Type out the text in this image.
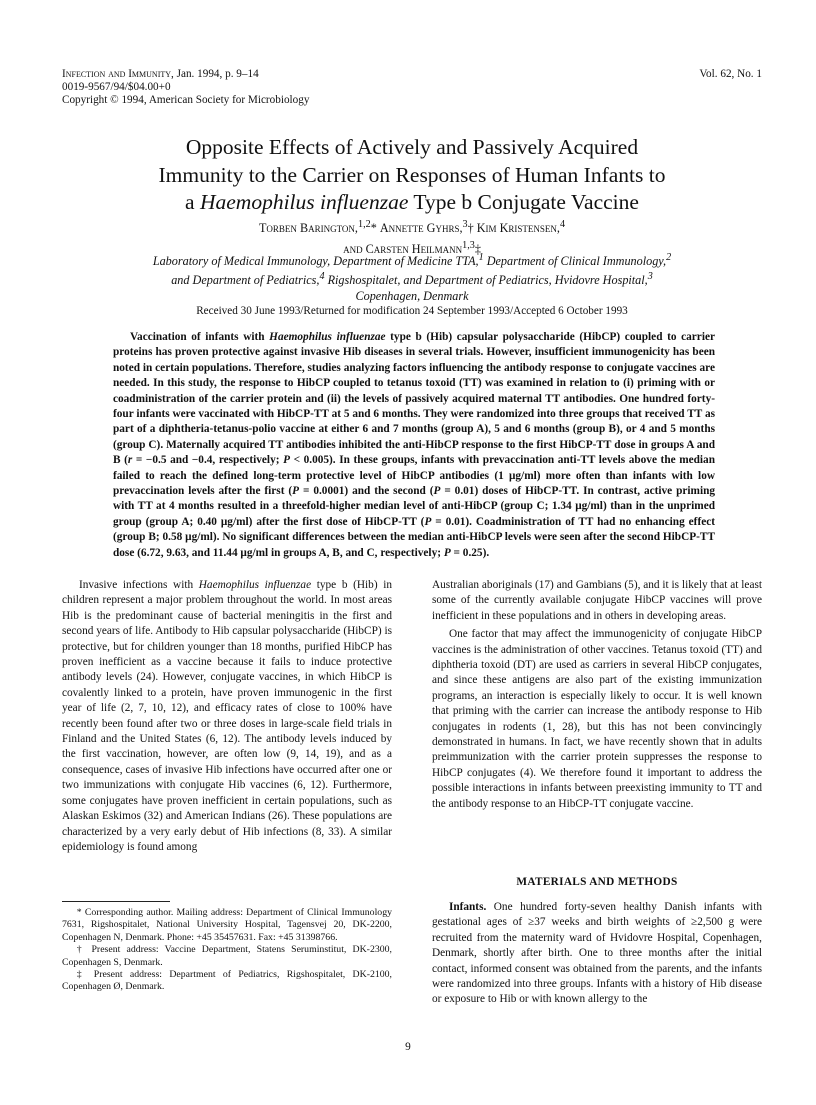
Infection and Immunity, Jan. 1994, p. 9–14	Vol. 62, No. 1
0019-9567/94/$04.00+0
Copyright © 1994, American Society for Microbiology
Opposite Effects of Actively and Passively Acquired
Immunity to the Carrier on Responses of Human Infants to
a Haemophilus influenzae Type b Conjugate Vaccine
Torben Barington,$^{1,2}$* Annette Gyhrs,$^3$† Kim Kristensen,$^4$
and Carsten Heilmann$^{1,3}$‡
Laboratory of Medical Immunology, Department of Medicine TTA,$^1$ Department of Clinical Immunology,$^2$
and Department of Pediatrics,$^4$ Rigshospitalet, and Department of Pediatrics, Hvidovre Hospital,$^3$
Copenhagen, Denmark
Received 30 June 1993/Returned for modification 24 September 1993/Accepted 6 October 1993
Vaccination of infants with Haemophilus influenzae type b (Hib) capsular polysaccharide (HibCP) coupled to carrier proteins has proven protective against invasive Hib diseases in several trials. However, insufficient immunogenicity has been noted in certain populations. Therefore, studies analyzing factors influencing the antibody response to conjugate vaccines are needed. In this study, the response to HibCP coupled to tetanus toxoid (TT) was examined in relation to (i) priming with or coadministration of the carrier protein and (ii) the levels of passively acquired maternal TT antibodies. One hundred forty-four infants were vaccinated with HibCP-TT at 5 and 6 months. They were randomized into three groups that received TT as part of a diphtheria-tetanus-polio vaccine at either 6 and 7 months (group A), 5 and 6 months (group B), or 4 and 5 months (group C). Maternally acquired TT antibodies inhibited the anti-HibCP response to the first HibCP-TT dose in groups A and B (r = −0.5 and −0.4, respectively; P < 0.005). In these groups, infants with prevaccination anti-TT levels above the median failed to reach the defined long-term protective level of HibCP antibodies (1 μg/ml) more often than infants with low prevaccination levels after the first (P = 0.0001) and the second (P = 0.01) doses of HibCP-TT. In contrast, active priming with TT at 4 months resulted in a threefold-higher median level of anti-HibCP (group C; 1.34 μg/ml) than in the unprimed group (group A; 0.40 μg/ml) after the first dose of HibCP-TT (P = 0.01). Coadministration of TT had no enhancing effect (group B; 0.58 μg/ml). No significant differences between the median anti-HibCP levels were seen after the second HibCP-TT dose (6.72, 9.63, and 11.44 μg/ml in groups A, B, and C, respectively; P = 0.25).

Invasive infections with Haemophilus influenzae type b (Hib) in children represent a major problem throughout the world. In most areas Hib is the predominant cause of bacterial meningitis in the first and second years of life. Antibody to Hib capsular polysaccharide (HibCP) is protective, but for children younger than 18 months, purified HibCP has proven inefficient as a vaccine because it fails to induce protective antibody levels (24). However, conjugate vaccines, in which HibCP is covalently linked to a protein, have proven immunogenic in the first year of life (2, 7, 10, 12), and efficacy rates of close to 100% have recently been found after two or three doses in large-scale field trials in Finland and the United States (6, 12). The antibody levels induced by the first vaccination, however, are often low (9, 14, 19), and as a consequence, cases of invasive Hib infections have occurred after one or two immunizations with conjugate Hib vaccines (6, 12). Furthermore, some conjugates have proven inefficient in certain populations, such as Alaskan Eskimos (32) and American Indians (26). These populations are characterized by a very early debut of Hib infections (8, 33). A similar epidemiology is found among

Australian aboriginals (17) and Gambians (5), and it is likely that at least some of the currently available conjugate HibCP vaccines will prove inefficient in these populations and in others in developing areas.

One factor that may affect the immunogenicity of conjugate HibCP vaccines is the administration of other vaccines. Tetanus toxoid (TT) and diphtheria toxoid (DT) are used as carriers in several HibCP conjugates, and since these antigens are also part of the existing immunization programs, an interaction is especially likely to occur. It is well known that priming with the carrier can increase the antibody response to Hib conjugates in rodents (1, 28), but this has not been convincingly demonstrated in humans. In fact, we have recently shown that in adults preimmunization with the carrier protein suppresses the response to HibCP conjugates (4). We therefore found it important to address the possible interactions in infants between preexisting immunity to TT and the antibody response to an HibCP-TT conjugate vaccine.

MATERIALS AND METHODS
Infants. One hundred forty-seven healthy Danish infants with gestational ages of ≥37 weeks and birth weights of ≥2,500 g were recruited from the maternity ward of Hvidovre Hospital, Copenhagen, Denmark, shortly after birth. One to three months after the initial contact, informed consent was obtained from the parents, and the infants were randomized into three groups. Infants with a history of Hib disease or exposure to Hib or with known allergy to the

* Corresponding author. Mailing address: Department of Clinical Immunology 7631, Rigshospitalet, National University Hospital, Tagensvej 20, DK-2200, Copenhagen N, Denmark. Phone: +45 35457631. Fax: +45 31398766.

† Present address: Vaccine Department, Statens Seruminstitut, DK-2300, Copenhagen S, Denmark.

‡ Present address: Department of Pediatrics, Rigshospitalet, DK-2100, Copenhagen Ø, Denmark.

9
